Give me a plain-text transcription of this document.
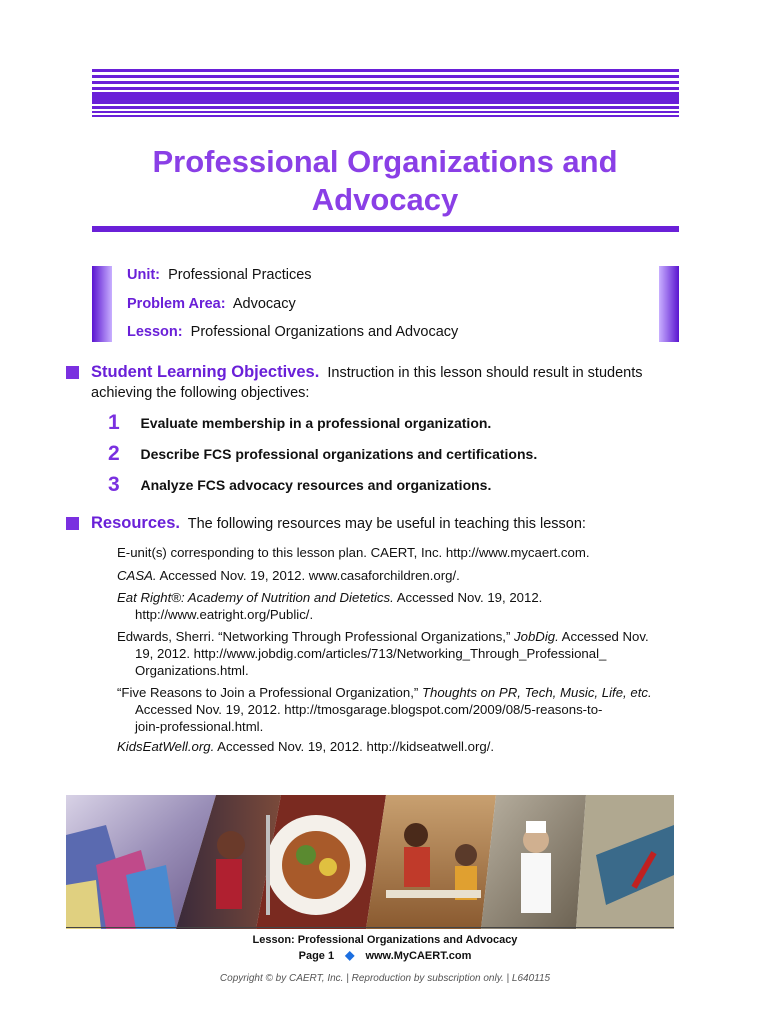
Professional Organizations and
Advocacy
Unit: Professional Practices
Problem Area: Advocacy
Lesson: Professional Organizations and Advocacy
Student Learning Objectives. Instruction in this lesson should result in students
achieving the following objectives:
1 Evaluate membership in a professional organization.
2 Describe FCS professional organizations and certifications.
3 Analyze FCS advocacy resources and organizations.
Resources. The following resources may be useful in teaching this lesson:
E-unit(s) corresponding to this lesson plan. CAERT, Inc. http://www.mycaert.com.
CASA. Accessed Nov. 19, 2012. www.casaforchildren.org/.
Eat Right®: Academy of Nutrition and Dietetics. Accessed Nov. 19, 2012.
http://www.eatright.org/Public/.
Edwards, Sherri. “Networking Through Professional Organizations,” JobDig. Accessed Nov.
19, 2012. http://www.jobdig.com/articles/713/Networking_Through_Professional_
Organizations.html.
“Five Reasons to Join a Professional Organization,” Thoughts on PR, Tech, Music, Life, etc.
Accessed Nov. 19, 2012. http://tmosgarage.blogspot.com/2009/08/5-reasons-to-
join-professional.html.
KidsEatWell.org. Accessed Nov. 19, 2012. http://kidseatwell.org/.
Lesson: Professional Organizations and Advocacy
Page 1 ◆ www.MyCAERT.com
Copyright © by CAERT, Inc. | Reproduction by subscription only. | L640115
